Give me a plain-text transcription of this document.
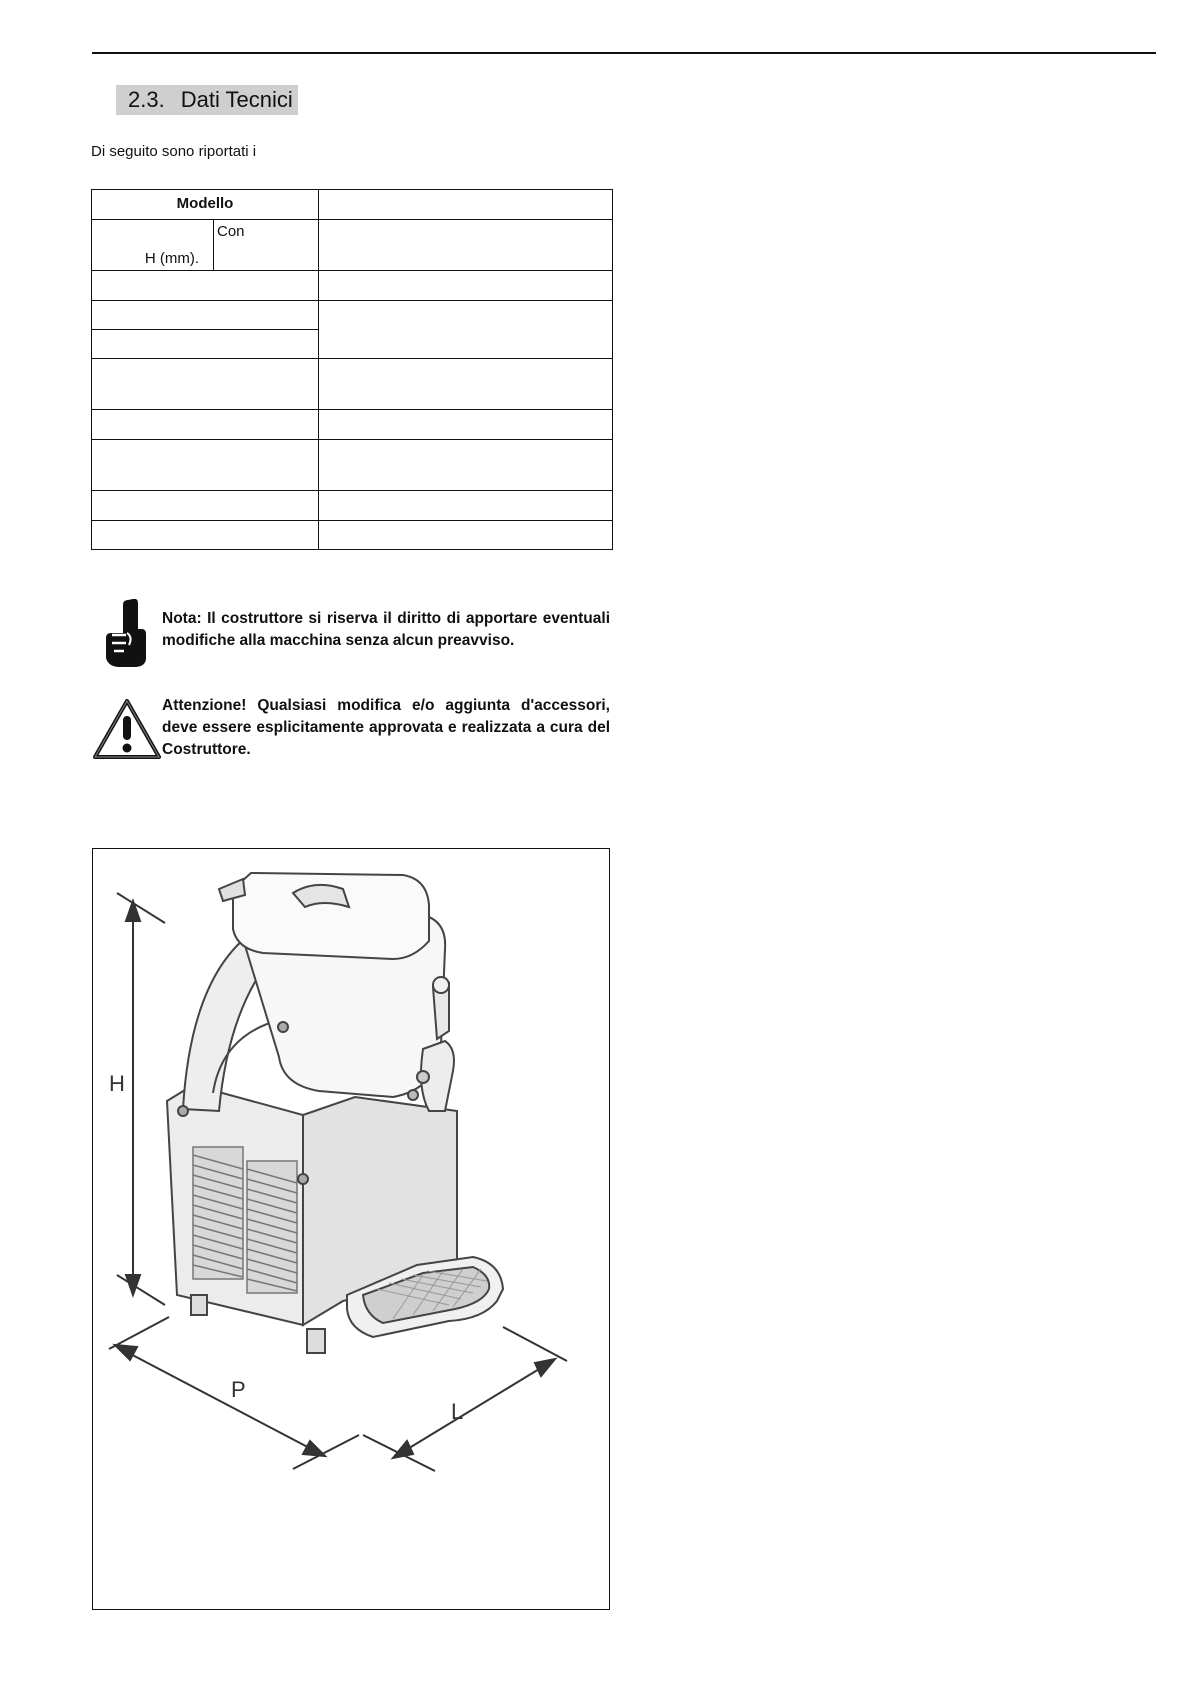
2.3. Dati Tecnici
Di seguito sono riportati i
Modello		
H (mm).	Con	

Nota: Il costruttore si riserva il diritto di apportare eventuali modifiche alla macchina senza alcun preavviso.
Attenzione! Qualsiasi modifica e/o aggiunta d'accessori, deve essere esplicitamente approvata e realizzata a cura del Costruttore.
H
P
L
